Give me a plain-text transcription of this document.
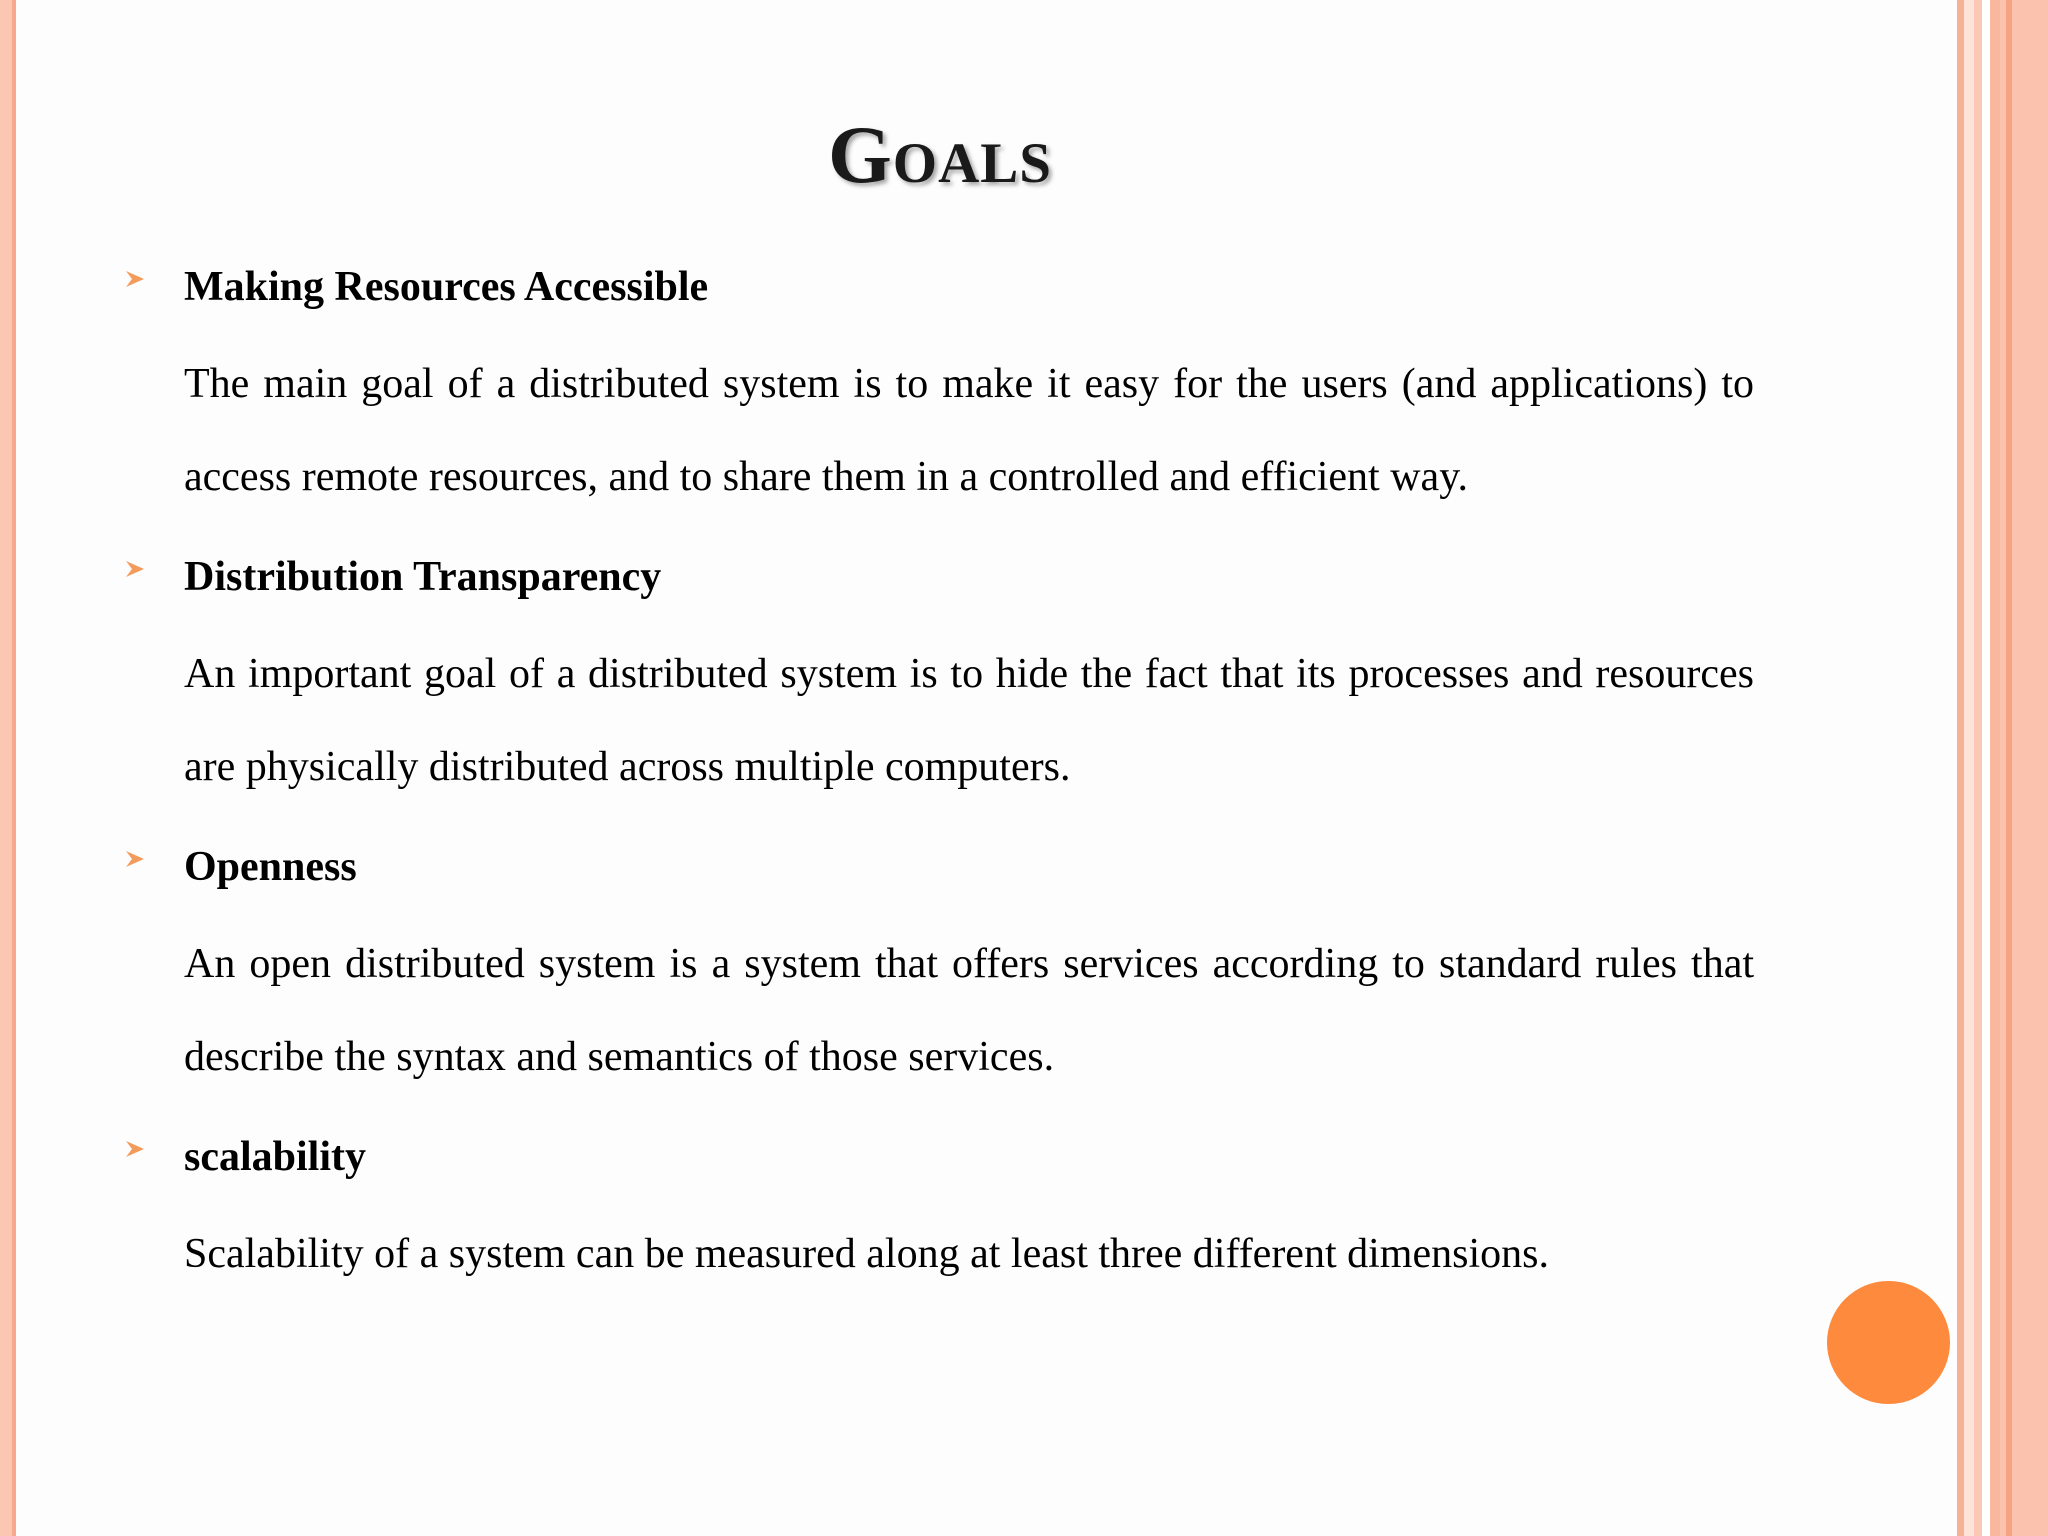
Goals

Making Resources Accessible

The main goal of a distributed system is to make it easy for the users (and applications) to access remote resources, and to share them in a controlled and efficient way.

Distribution Transparency

An important goal of a distributed system is to hide the fact that its processes and resources are physically distributed across multiple computers.

Openness

An open distributed system is a system that offers services according to standard rules that describe the syntax and semantics of those services.

scalability

Scalability of a system can be measured along at least three different dimensions.
